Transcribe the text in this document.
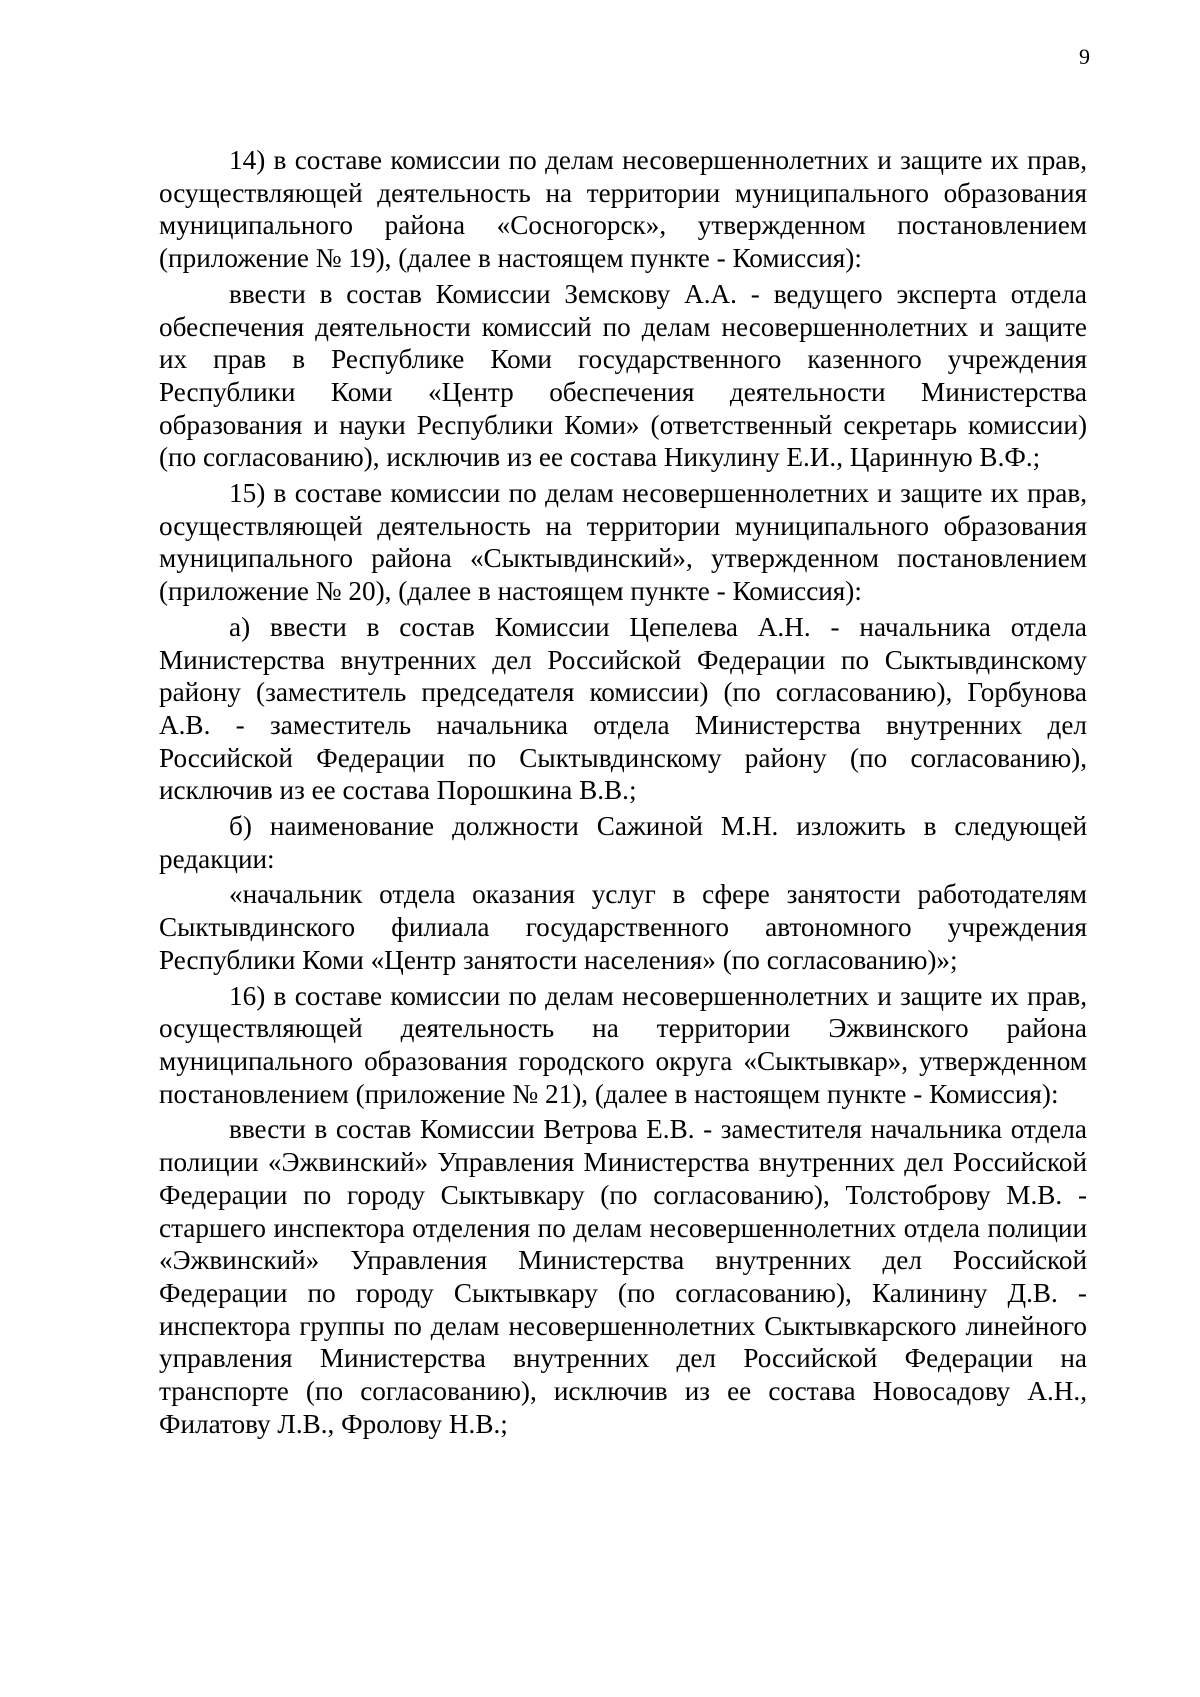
9

14) в составе комиссии по делам несовершеннолетних и защите их прав, осуществляющей деятельность на территории муниципального образования муниципального района «Сосногорск», утвержденном постановлением (приложение № 19), (далее в настоящем пункте - Комиссия):

ввести в состав Комиссии Земскову А.А. - ведущего эксперта отдела обеспечения деятельности комиссий по делам несовершеннолетних и защите их прав в Республике Коми государственного казенного учреждения Республики Коми «Центр обеспечения деятельности Министерства образования и науки Республики Коми» (ответственный секретарь комиссии) (по согласованию), исключив из ее состава Никулину Е.И., Царинную В.Ф.;

15) в составе комиссии по делам несовершеннолетних и защите их прав, осуществляющей деятельность на территории муниципального образования муниципального района «Сыктывдинский», утвержденном постановлением (приложение № 20), (далее в настоящем пункте - Комиссия):

а) ввести в состав Комиссии Цепелева А.Н. - начальника отдела Министерства внутренних дел Российской Федерации по Сыктывдинскому району (заместитель председателя комиссии) (по согласованию), Горбунова А.В. - заместитель начальника отдела Министерства внутренних дел Российской Федерации по Сыктывдинскому району (по согласованию), исключив из ее состава Порошкина В.В.;

б) наименование должности Сажиной М.Н. изложить в следующей редакции:

«начальник отдела оказания услуг в сфере занятости работодателям Сыктывдинского филиала государственного автономного учреждения Республики Коми «Центр занятости населения» (по согласованию)»;

16) в составе комиссии по делам несовершеннолетних и защите их прав, осуществляющей деятельность на территории Эжвинского района муниципального образования городского округа «Сыктывкар», утвержденном постановлением (приложение № 21), (далее в настоящем пункте - Комиссия):

ввести в состав Комиссии Ветрова Е.В. - заместителя начальника отдела полиции «Эжвинский» Управления Министерства внутренних дел Российской Федерации по городу Сыктывкару (по согласованию), Толстоброву М.В. - старшего инспектора отделения по делам несовершеннолетних отдела полиции «Эжвинский» Управления Министерства внутренних дел Российской Федерации по городу Сыктывкару (по согласованию), Калинину Д.В. - инспектора группы по делам несовершеннолетних Сыктывкарского линейного управления Министерства внутренних дел Российской Федерации на транспорте (по согласованию), исключив из ее состава Новосадову А.Н., Филатову Л.В., Фролову Н.В.;
